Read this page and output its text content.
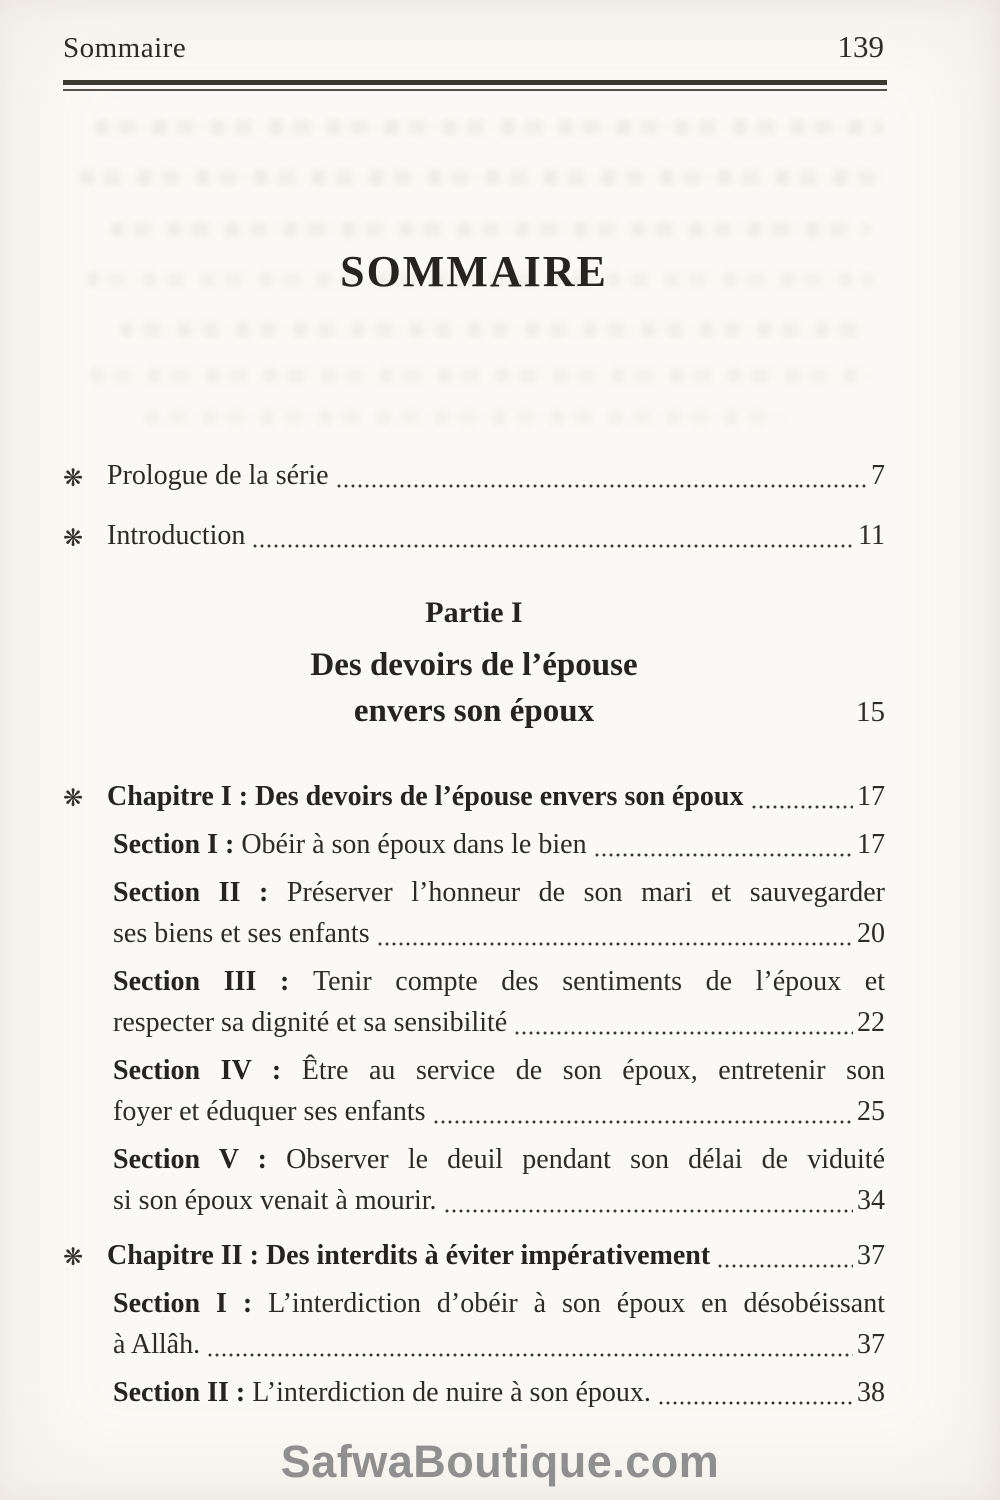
Sommaire	139
SOMMAIRE
❋ Prologue de la série	7
❋ Introduction	11
Partie I
Des devoirs de l’épouse
envers son époux	15
❋ Chapitre I : Des devoirs de l’épouse envers son époux	17
Section I : Obéir à son époux dans le bien	17
Section II : Préserver l’honneur de son mari et sauvegarder
ses biens et ses enfants	20
Section III : Tenir compte des sentiments de l’époux et
respecter sa dignité et sa sensibilité	22
Section IV : Être au service de son époux, entretenir son
foyer et éduquer ses enfants	25
Section V : Observer le deuil pendant son délai de viduité
si son époux venait à mourir.	34
❋ Chapitre II : Des interdits à éviter impérativement	37
Section I : L’interdiction d’obéir à son époux en désobéissant
à Allâh.	37
Section II : L’interdiction de nuire à son époux.	38
SafwaBoutique.com
